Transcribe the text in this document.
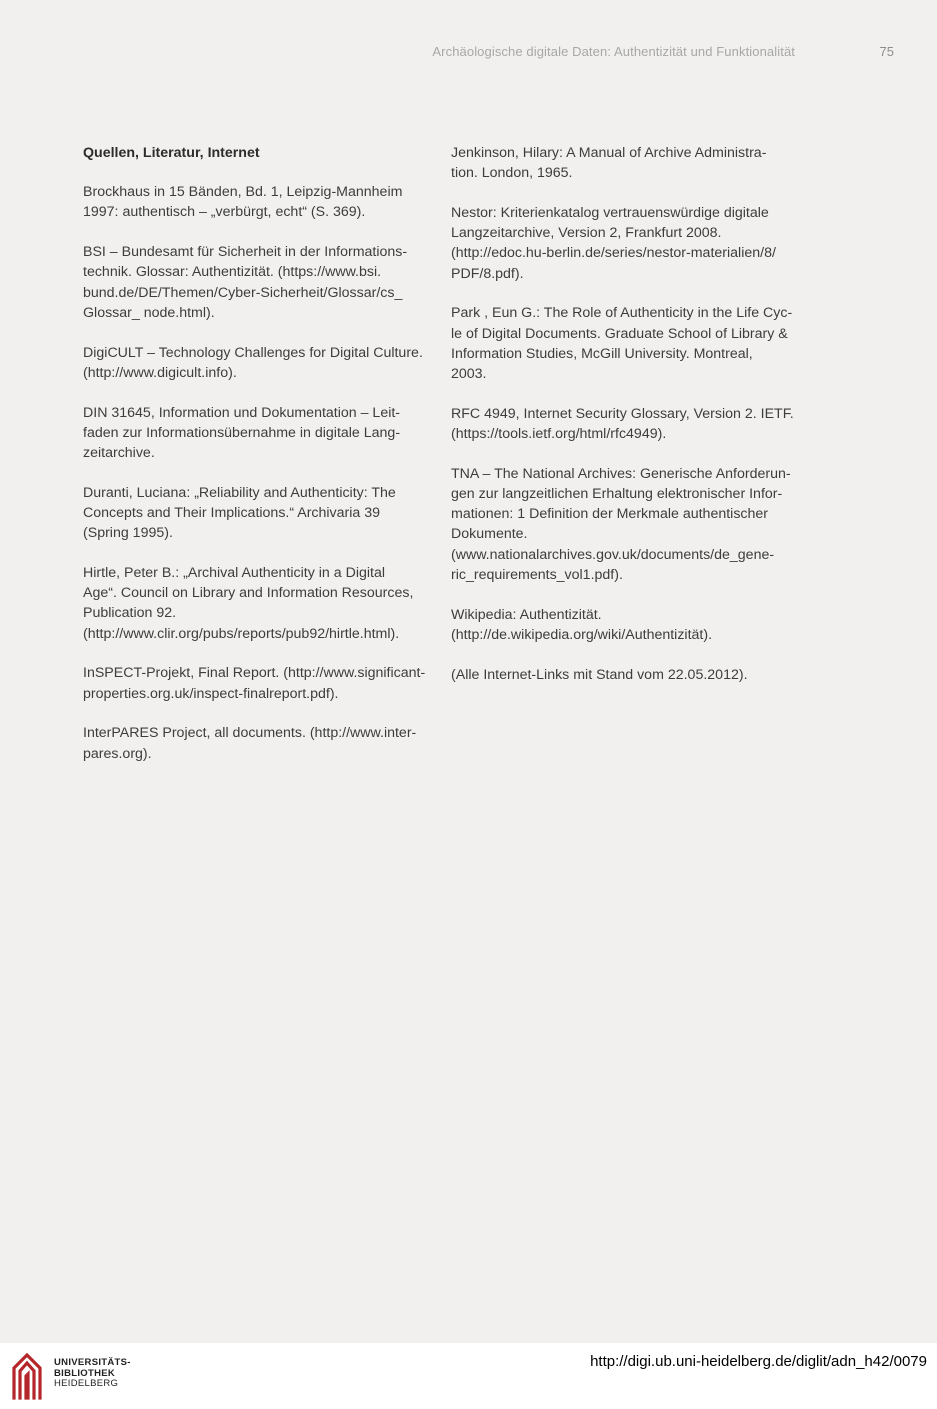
Archäologische digitale Daten: Authentizität und Funktionalität	75
Quellen, Literatur, Internet
Brockhaus in 15 Bänden, Bd. 1, Leipzig-Mannheim
1997: authentisch – „verbürgt, echt“ (S. 369).
BSI – Bundesamt für Sicherheit in der Informations-
technik. Glossar: Authentizität. (https://www.bsi.
bund.de/DE/Themen/Cyber-Sicherheit/Glossar/cs_
Glossar_ node.html).
DigiCULT – Technology Challenges for Digital Culture.
(http://www.digicult.info).
DIN 31645, Information und Dokumentation – Leit-
faden zur Informationsübernahme in digitale Lang-
zeitarchive.
Duranti, Luciana: „Reliability and Authenticity: The
Concepts and Their Implications.“ Archivaria 39
(Spring 1995).
Hirtle, Peter B.: „Archival Authenticity in a Digital
Age“. Council on Library and Information Resources,
Publication 92.
(http://www.clir.org/pubs/reports/pub92/hirtle.html).
InSPECT-Projekt, Final Report. (http://www.significant-
properties.org.uk/inspect-finalreport.pdf).
InterPARES Project, all documents. (http://www.inter-
pares.org).
Jenkinson, Hilary: A Manual of Archive Administra-
tion. London, 1965.
Nestor: Kriterienkatalog vertrauenswürdige digitale
Langzeitarchive, Version 2, Frankfurt 2008.
(http://edoc.hu-berlin.de/series/nestor-materialien/8/
PDF/8.pdf).
Park , Eun G.: The Role of Authenticity in the Life Cyc-
le of Digital Documents. Graduate School of Library &
Information Studies, McGill University. Montreal,
2003.
RFC 4949, Internet Security Glossary, Version 2. IETF.
(https://tools.ietf.org/html/rfc4949).
TNA – The National Archives: Generische Anforderun-
gen zur langzeitlichen Erhaltung elektronischer Infor-
mationen: 1 Definition der Merkmale authentischer
Dokumente.
(www.nationalarchives.gov.uk/documents/de_gene-
ric_requirements_vol1.pdf).
Wikipedia: Authentizität.
(http://de.wikipedia.org/wiki/Authentizität).
(Alle Internet-Links mit Stand vom 22.05.2012).
UNIVERSITÄTS-
BIBLIOTHEK
HEIDELBERG
http://digi.ub.uni-heidelberg.de/diglit/adn_h42/0079
